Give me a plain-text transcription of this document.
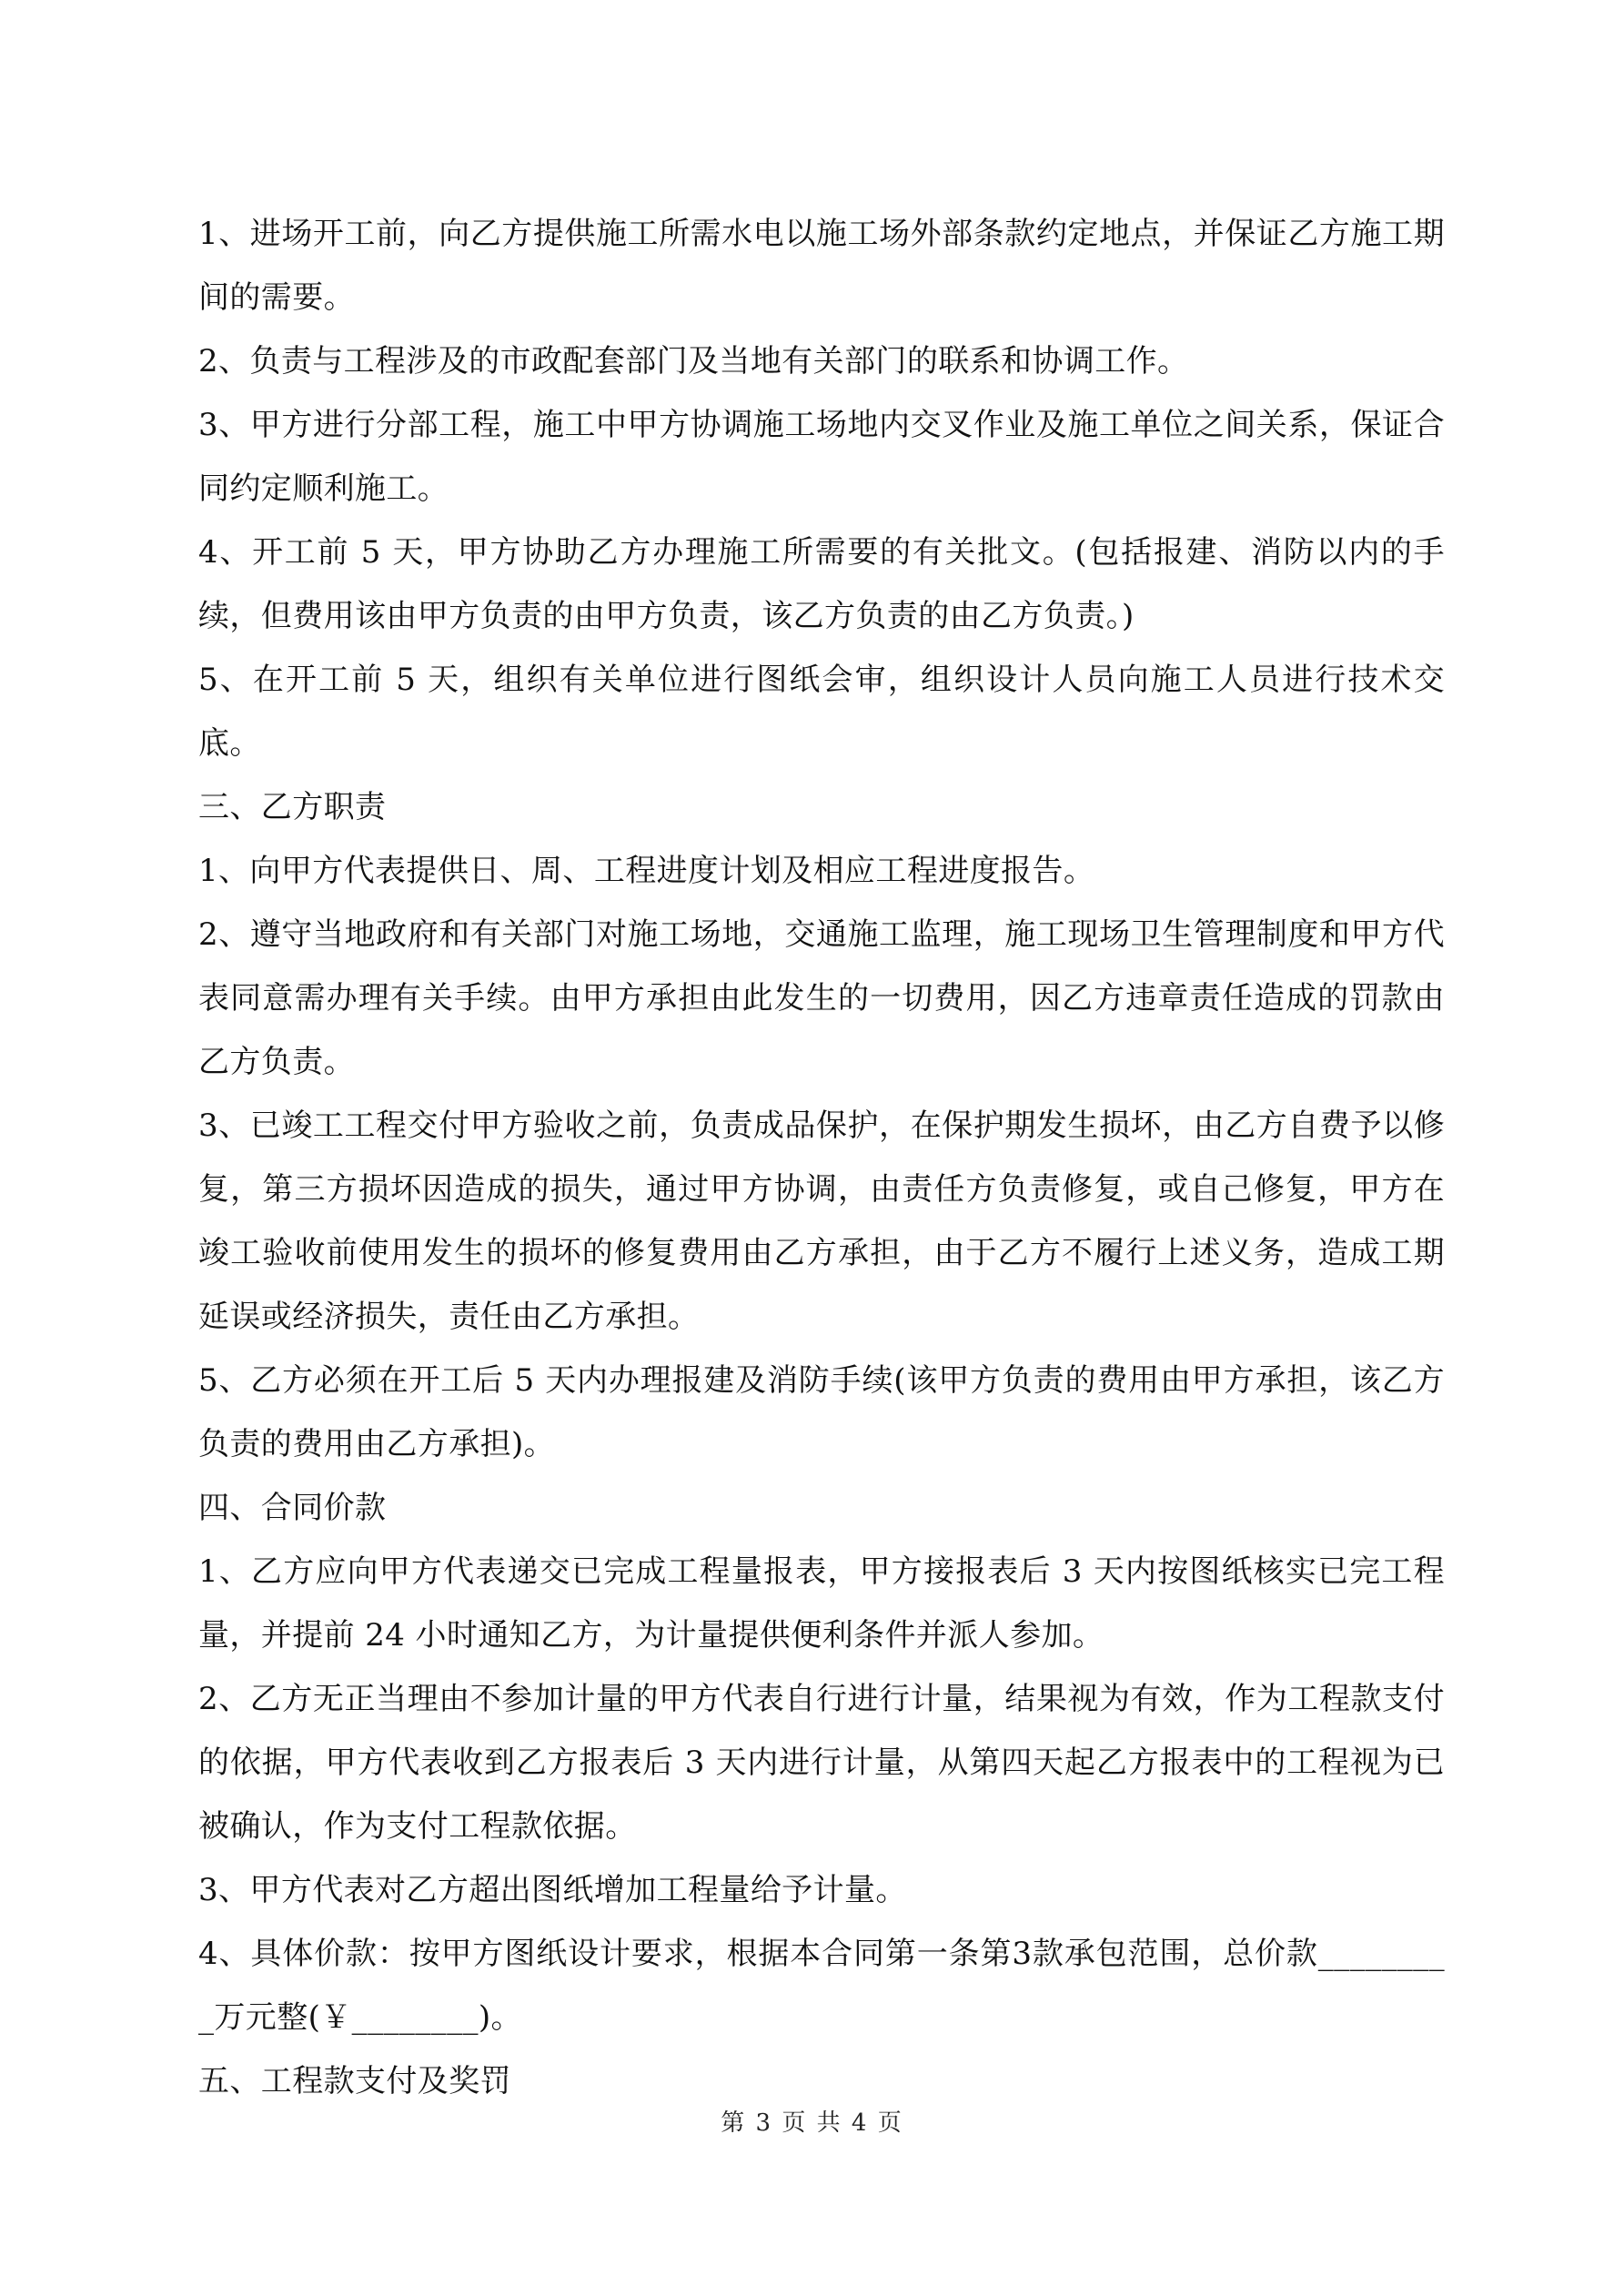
1、进场开工前，向乙方提供施工所需水电以施工场外部条款约定地点，并保证乙方施工期间的需要。

2、负责与工程涉及的市政配套部门及当地有关部门的联系和协调工作。

3、甲方进行分部工程，施工中甲方协调施工场地内交叉作业及施工单位之间关系，保证合同约定顺利施工。

4、开工前 5 天，甲方协助乙方办理施工所需要的有关批文。(包括报建、消防以内的手续，但费用该由甲方负责的由甲方负责，该乙方负责的由乙方负责。)

5、在开工前 5 天，组织有关单位进行图纸会审，组织设计人员向施工人员进行技术交底。

三、乙方职责

1、向甲方代表提供日、周、工程进度计划及相应工程进度报告。

2、遵守当地政府和有关部门对施工场地，交通施工监理，施工现场卫生管理制度和甲方代表同意需办理有关手续。由甲方承担由此发生的一切费用，因乙方违章责任造成的罚款由乙方负责。

3、已竣工工程交付甲方验收之前，负责成品保护，在保护期发生损坏，由乙方自费予以修复，第三方损坏因造成的损失，通过甲方协调，由责任方负责修复，或自己修复，甲方在竣工验收前使用发生的损坏的修复费用由乙方承担，由于乙方不履行上述义务，造成工期延误或经济损失，责任由乙方承担。

5、乙方必须在开工后 5 天内办理报建及消防手续(该甲方负责的费用由甲方承担，该乙方负责的费用由乙方承担)。

四、合同价款

1、乙方应向甲方代表递交已完成工程量报表，甲方接报表后 3 天内按图纸核实已完工程量，并提前 24 小时通知乙方，为计量提供便利条件并派人参加。

2、乙方无正当理由不参加计量的甲方代表自行进行计量，结果视为有效，作为工程款支付的依据，甲方代表收到乙方报表后 3 天内进行计量，从第四天起乙方报表中的工程视为已被确认，作为支付工程款依据。

3、甲方代表对乙方超出图纸增加工程量给予计量。

4、具体价款：按甲方图纸设计要求，根据本合同第一条第3款承包范围，总价款_________万元整(￥________)。

五、工程款支付及奖罚

第 3 页 共 4 页
